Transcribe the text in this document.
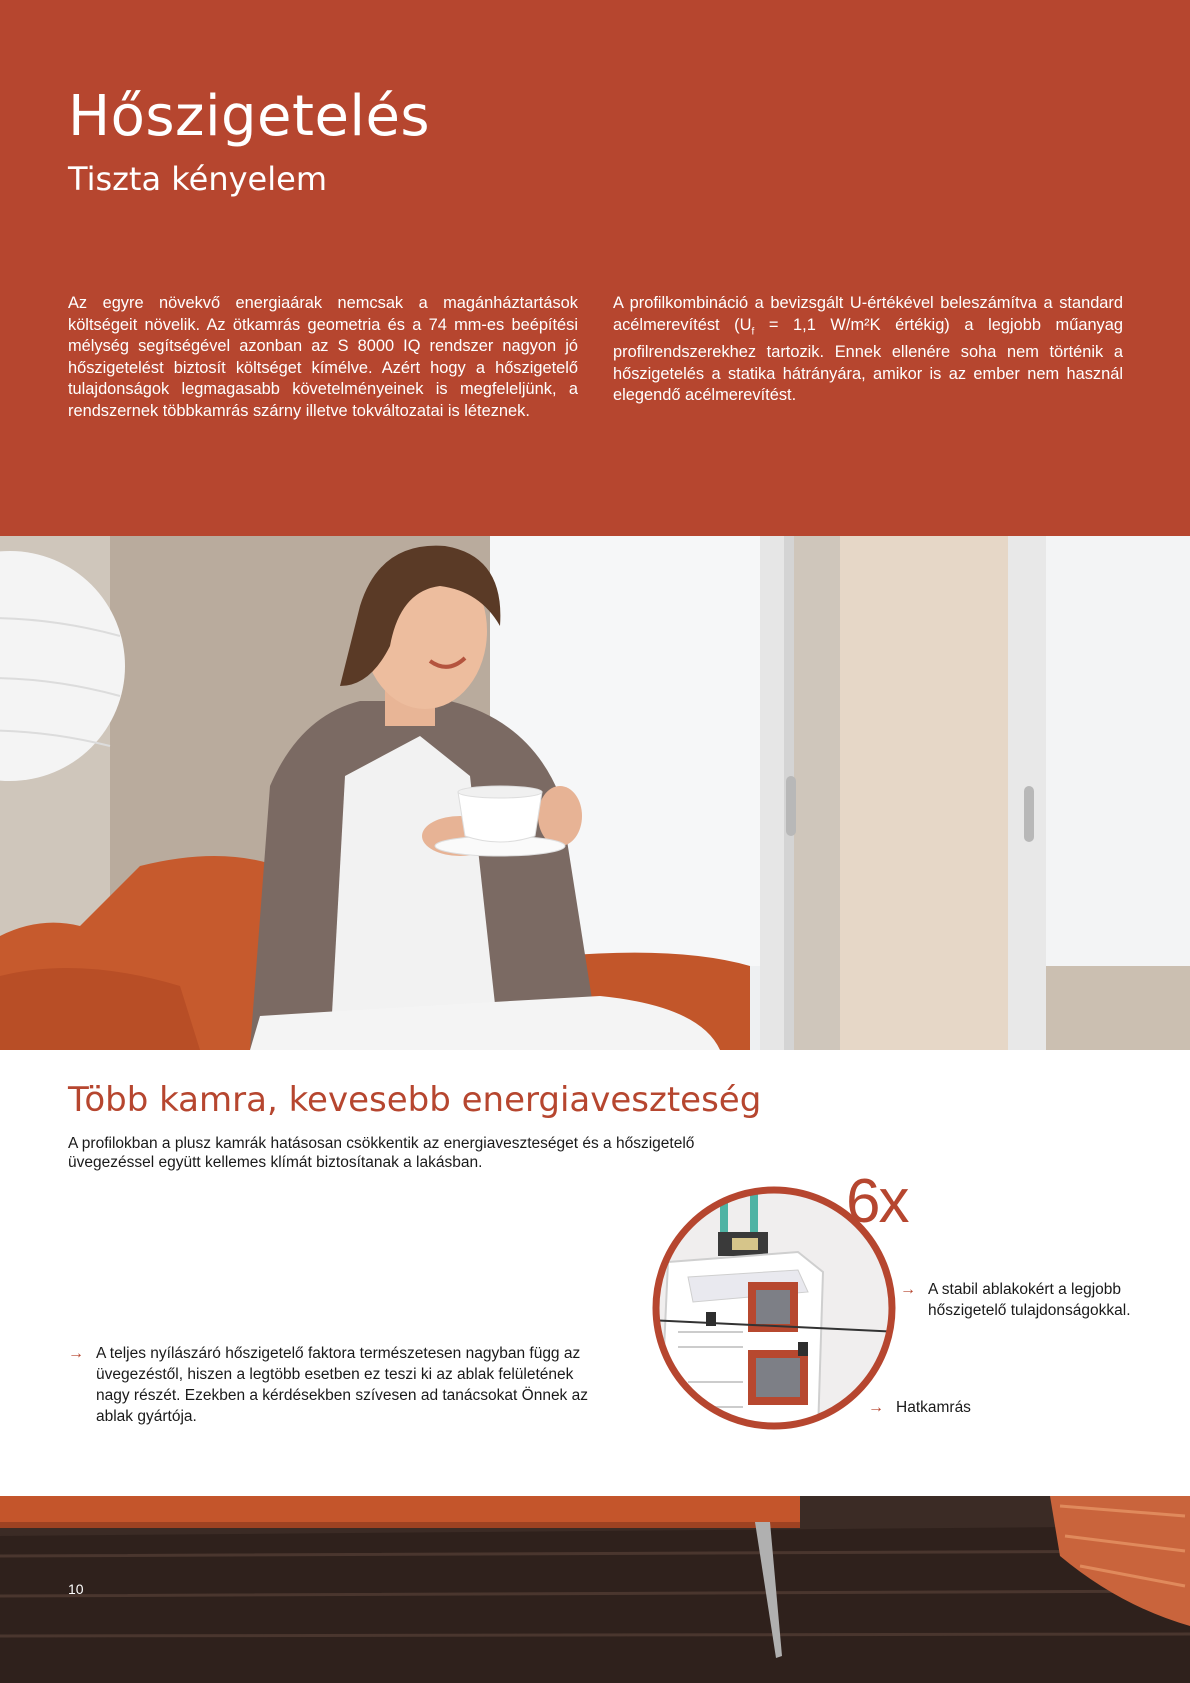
Hőszigetelés
Tiszta kényelem

Az egyre növekvő energiaárak nemcsak a magánháztartások költségeit növelik. Az ötkamrás geometria és a 74 mm-es beépítési mélység segítségével azonban az S 8000 IQ rendszer nagyon jó hőszigetelést biztosít költséget kímélve. Azért hogy a hőszigetelő tulajdonságok legmagasabb követelményeinek is megfeleljünk, a rendszernek többkamrás szárny illetve tokváltozatai is léteznek.

A profilkombináció a bevizsgált U-értékével beleszámítva a standard acélmerevítést ($U_f = 1,1$ W/m²K értékig) a legjobb műanyag profilrendszerekhez tartozik. Ennek ellenére soha nem történik a hőszigetelés a statika hátrányára, amikor is az ember nem használ elegendő acélmerevítést.

Több kamra, kevesebb energiaveszteség

A profilokban a plusz kamrák hatásosan csökkentik az energiaveszteséget és a hőszigetelő üvegezéssel együtt kellemes klímát biztosítanak a lakásban.

6x
→ A teljes nyílászáró hőszigetelő faktora természetesen nagyban függ az üvegezéstől, hiszen a legtöbb esetben ez teszi ki az ablak felületének nagy részét. Ezekben a kérdésekben szívesen ad tanácsokat Önnek az ablak gyártója.
→ A stabil ablakokért a legjobb hőszigetelő tulajdonságokkal.
→ Hatkamrás
10
